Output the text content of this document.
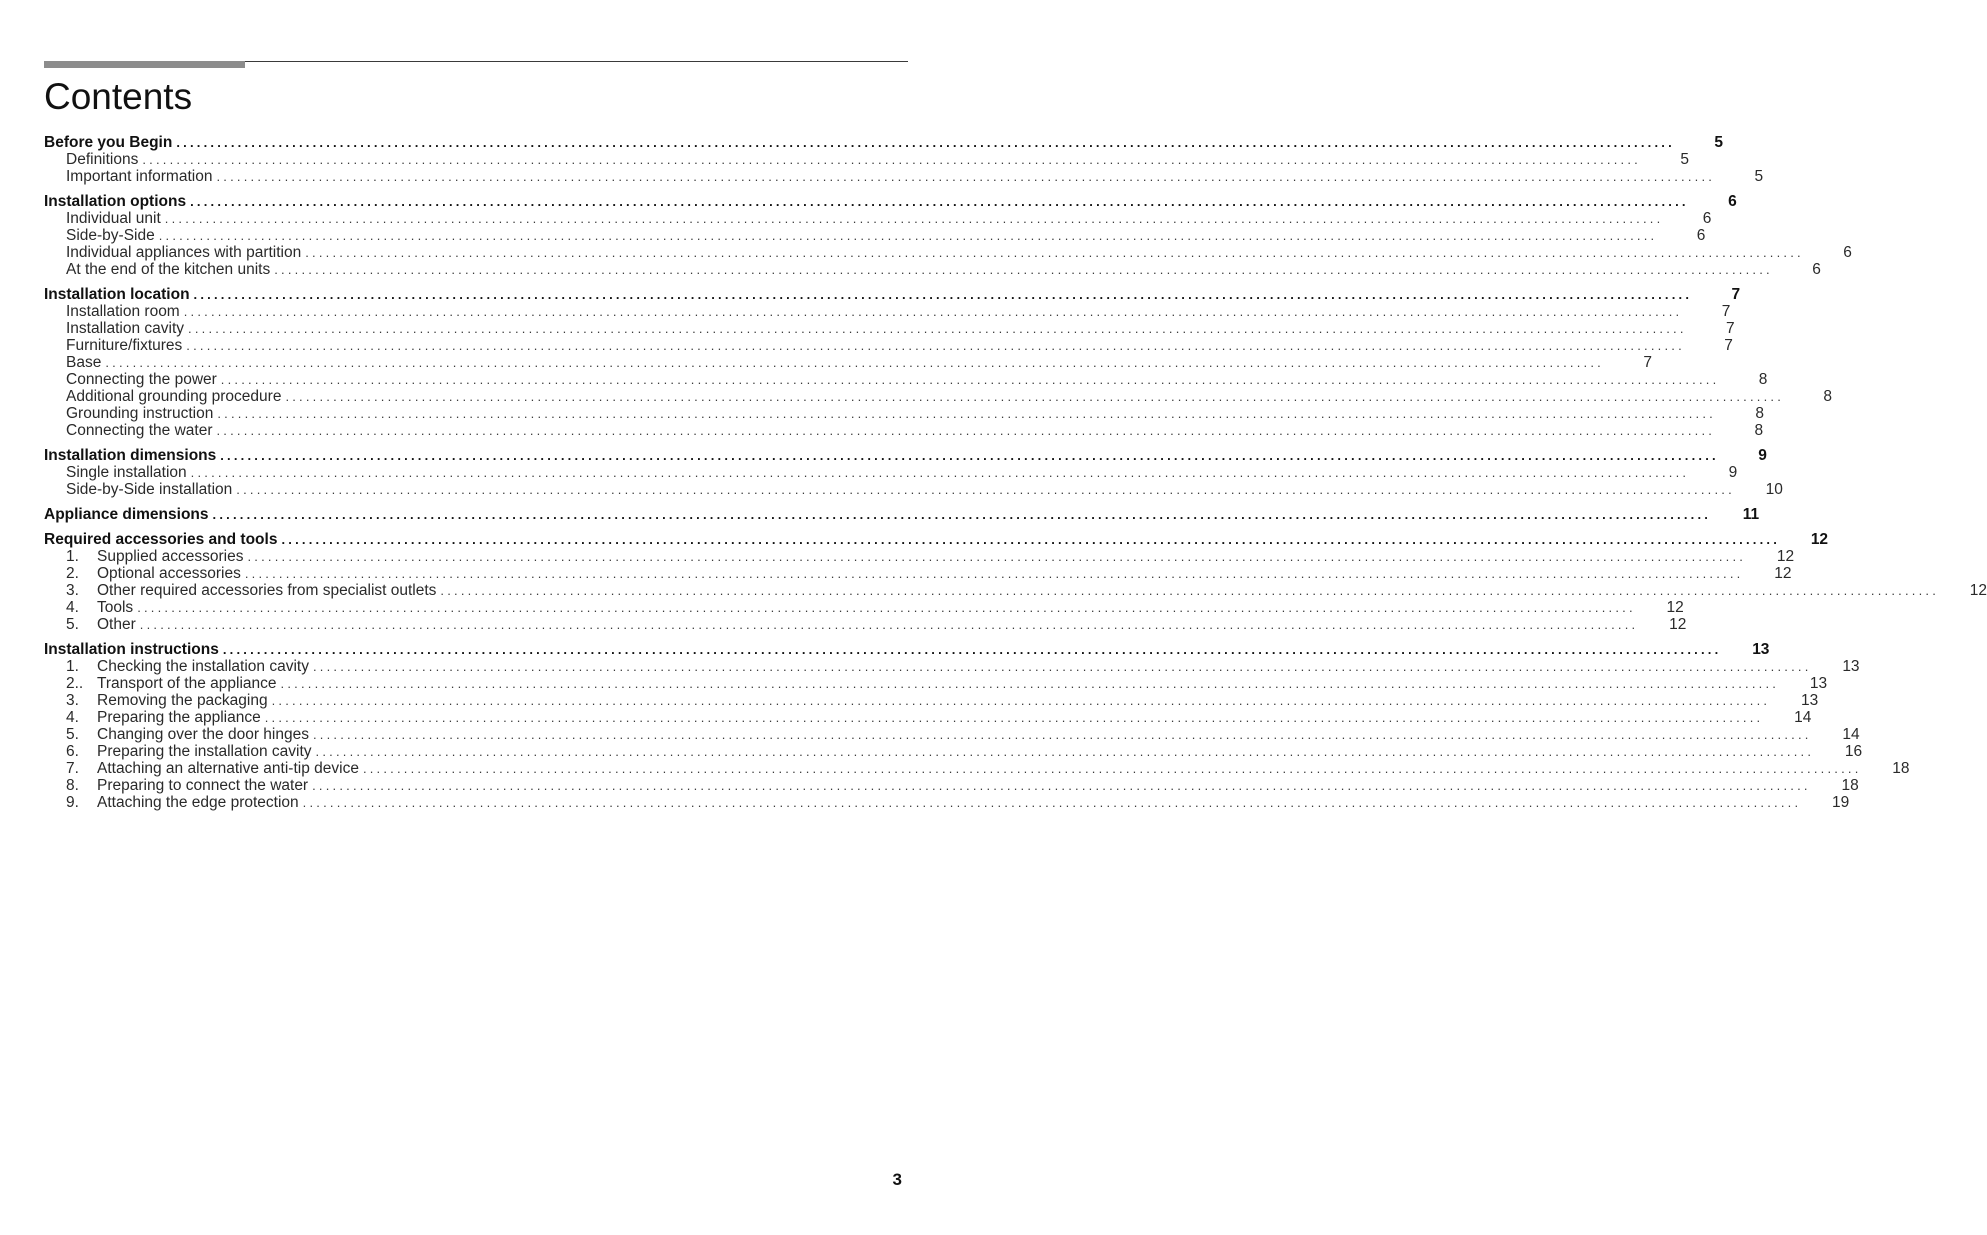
Contents
Before you Begin ............................................................................................................................................................................................................................	5
Definitions ............................................................................................................................................................................................................................	5
Important information ............................................................................................................................................................................................................................	5
Installation options ............................................................................................................................................................................................................................	6
Individual unit ............................................................................................................................................................................................................................	6
Side-by-Side ............................................................................................................................................................................................................................	6
Individual appliances with partition ............................................................................................................................................................................................................................	6
At the end of the kitchen units ............................................................................................................................................................................................................................	6
Installation location ............................................................................................................................................................................................................................	7
Installation room ............................................................................................................................................................................................................................	7
Installation cavity ............................................................................................................................................................................................................................	7
Furniture/fixtures ............................................................................................................................................................................................................................	7
Base ............................................................................................................................................................................................................................	7
Connecting the power ............................................................................................................................................................................................................................	8
Additional grounding procedure ............................................................................................................................................................................................................................	8
Grounding instruction ............................................................................................................................................................................................................................	8
Connecting the water ............................................................................................................................................................................................................................	8
Installation dimensions ............................................................................................................................................................................................................................	9
Single installation ............................................................................................................................................................................................................................	9
Side-by-Side installation ............................................................................................................................................................................................................................	10
Appliance dimensions ............................................................................................................................................................................................................................	11
Required accessories and tools ............................................................................................................................................................................................................................	12
1.	Supplied accessories ............................................................................................................................................................................................................................	12
2.	Optional accessories ............................................................................................................................................................................................................................	12
3.	Other required accessories from specialist outlets ............................................................................................................................................................................................................................	12
4.	Tools ............................................................................................................................................................................................................................	12
5.	Other ............................................................................................................................................................................................................................	12
Installation instructions ............................................................................................................................................................................................................................	13
1.	Checking the installation cavity ............................................................................................................................................................................................................................	13
2.. Transport of the appliance ............................................................................................................................................................................................................................	13
3.	Removing the packaging ............................................................................................................................................................................................................................	13
4.	Preparing the appliance ............................................................................................................................................................................................................................	14
5.	Changing over the door hinges ............................................................................................................................................................................................................................	14
6.	Preparing the installation cavity ............................................................................................................................................................................................................................	16
7.	Attaching an alternative anti-tip device ............................................................................................................................................................................................................................	18
8.	Preparing to connect the water ............................................................................................................................................................................................................................	18
9.	Attaching the edge protection ............................................................................................................................................................................................................................	19
3
